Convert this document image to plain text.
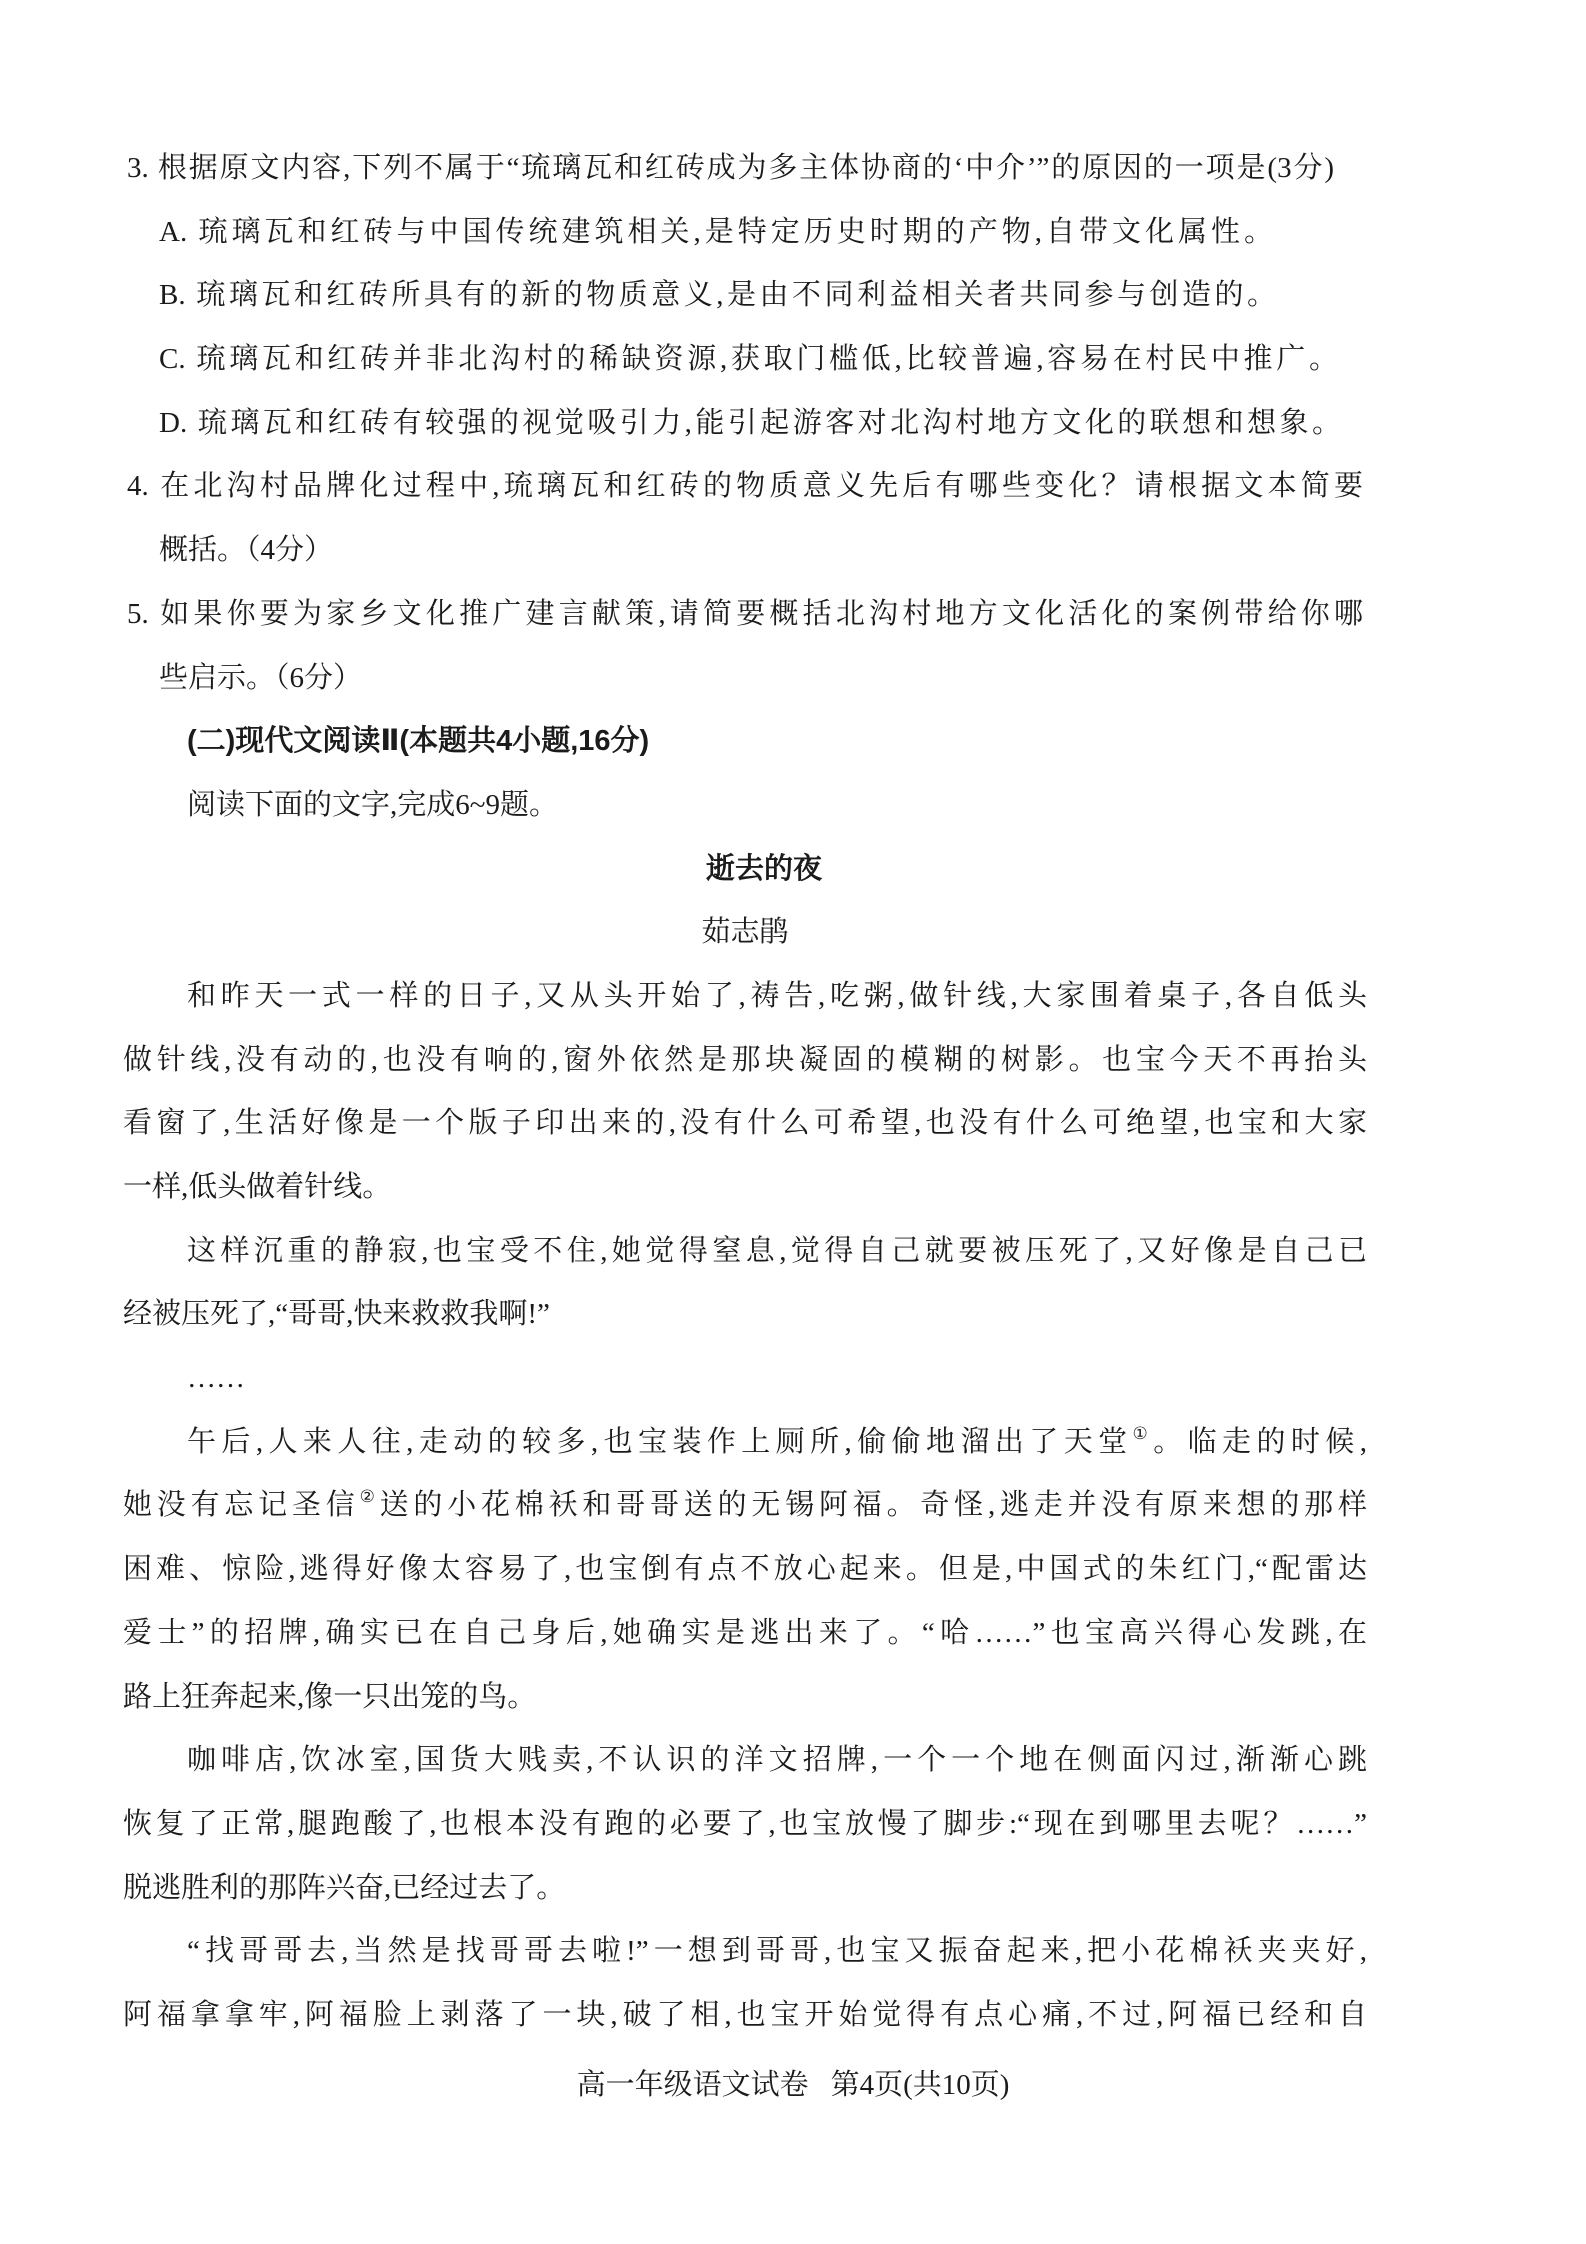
3. 根据原文内容,下列不属于“琉璃瓦和红砖成为多主体协商的‘中介’”的原因的一项是(3分)
A. 琉璃瓦和红砖与中国传统建筑相关,是特定历史时期的产物,自带文化属性。
B. 琉璃瓦和红砖所具有的新的物质意义,是由不同利益相关者共同参与创造的。
C. 琉璃瓦和红砖并非北沟村的稀缺资源,获取门槛低,比较普遍,容易在村民中推广。
D. 琉璃瓦和红砖有较强的视觉吸引力,能引起游客对北沟村地方文化的联想和想象。
4. 在北沟村品牌化过程中,琉璃瓦和红砖的物质意义先后有哪些变化？请根据文本简要
概括。（4分）
5. 如果你要为家乡文化推广建言献策,请简要概括北沟村地方文化活化的案例带给你哪
些启示。（6分）
(二)现代文阅读Ⅱ(本题共4小题,16分)
阅读下面的文字,完成6~9题。
逝去的夜
茹志鹃
和昨天一式一样的日子,又从头开始了,祷告,吃粥,做针线,大家围着桌子,各自低头
做针线,没有动的,也没有响的,窗外依然是那块凝固的模糊的树影。也宝今天不再抬头
看窗了,生活好像是一个版子印出来的,没有什么可希望,也没有什么可绝望,也宝和大家
一样,低头做着针线。
这样沉重的静寂,也宝受不住,她觉得窒息,觉得自己就要被压死了,又好像是自己已
经被压死了,“哥哥,快来救救我啊!”
……
午后,人来人往,走动的较多,也宝装作上厕所,偷偷地溜出了天堂①。临走的时候,
她没有忘记圣信②送的小花棉袄和哥哥送的无锡阿福。奇怪,逃走并没有原来想的那样
困难、惊险,逃得好像太容易了,也宝倒有点不放心起来。但是,中国式的朱红门,“配雷达
爱士”的招牌,确实已在自己身后,她确实是逃出来了。“哈……”也宝高兴得心发跳,在
路上狂奔起来,像一只出笼的鸟。
咖啡店,饮冰室,国货大贱卖,不认识的洋文招牌,一个一个地在侧面闪过,渐渐心跳
恢复了正常,腿跑酸了,也根本没有跑的必要了,也宝放慢了脚步:“现在到哪里去呢？……”
脱逃胜利的那阵兴奋,已经过去了。
“找哥哥去,当然是找哥哥去啦!”一想到哥哥,也宝又振奋起来,把小花棉袄夹夹好,
阿福拿拿牢,阿福脸上剥落了一块,破了相,也宝开始觉得有点心痛,不过,阿福已经和自
高一年级语文试卷 第4页(共10页)
